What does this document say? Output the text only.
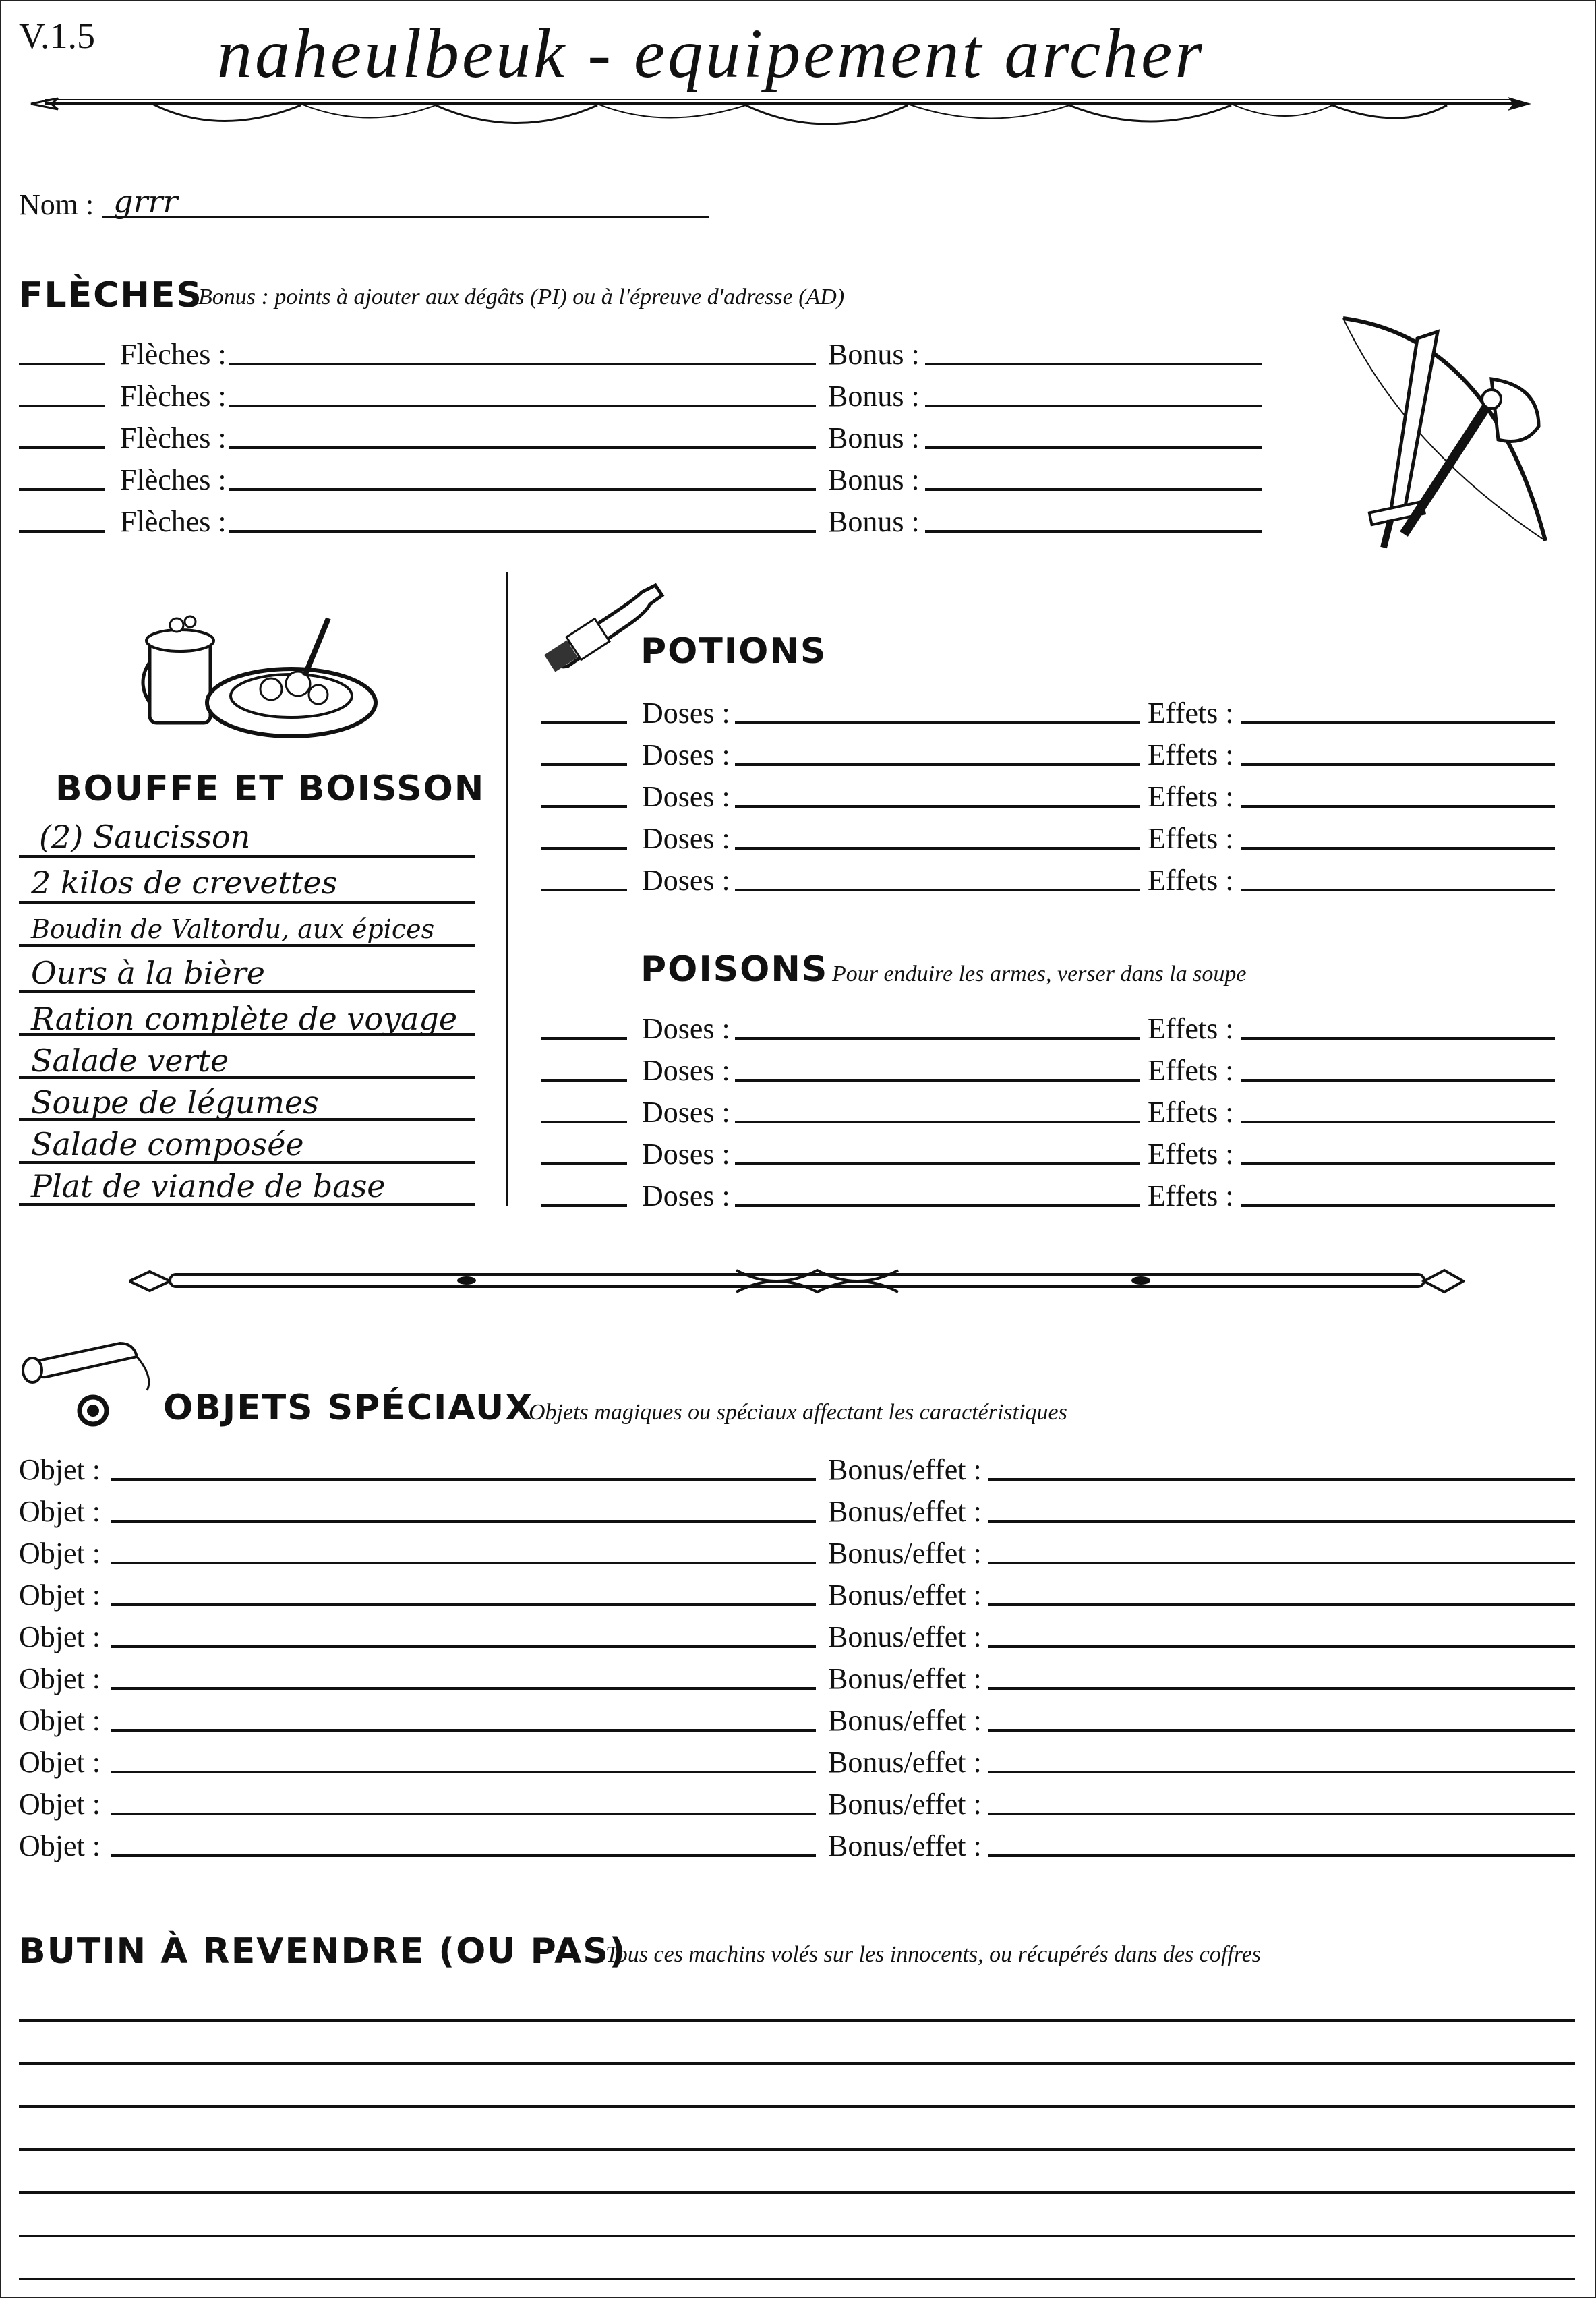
V.1.5 naheulbeuk - equipement archer
Nom : grrr
FLÈCHES
Bonus : points à ajouter aux dégâts (PI) ou à l'épreuve d'adresse (AD)
Flèches :	Bonus :
Flèches :	Bonus :
Flèches :	Bonus :
Flèches :	Bonus :
Flèches :	Bonus :
BOUFFE ET BOISSON
(2) Saucisson
2 kilos de crevettes
Boudin de Valtordu, aux épices
Ours à la bière
Ration complète de voyage
Salade verte
Soupe de légumes
Salade composée
Plat de viande de base
POTIONS
Doses :	Effets :
Doses :	Effets :
Doses :	Effets :
Doses :	Effets :
Doses :	Effets :
POISONS Pour enduire les armes, verser dans la soupe
Doses :	Effets :
Doses :	Effets :
Doses :	Effets :
Doses :	Effets :
Doses :	Effets :
OBJETS SPÉCIAUX
Objets magiques ou spéciaux affectant les caractéristiques
Objet :	Bonus/effet :
Objet :	Bonus/effet :
Objet :	Bonus/effet :
Objet :	Bonus/effet :
Objet :	Bonus/effet :
Objet :	Bonus/effet :
Objet :	Bonus/effet :
Objet :	Bonus/effet :
Objet :	Bonus/effet :
Objet :	Bonus/effet :
BUTIN À REVENDRE (OU PAS)
Tous ces machins volés sur les innocents, ou récupérés dans des coffres
